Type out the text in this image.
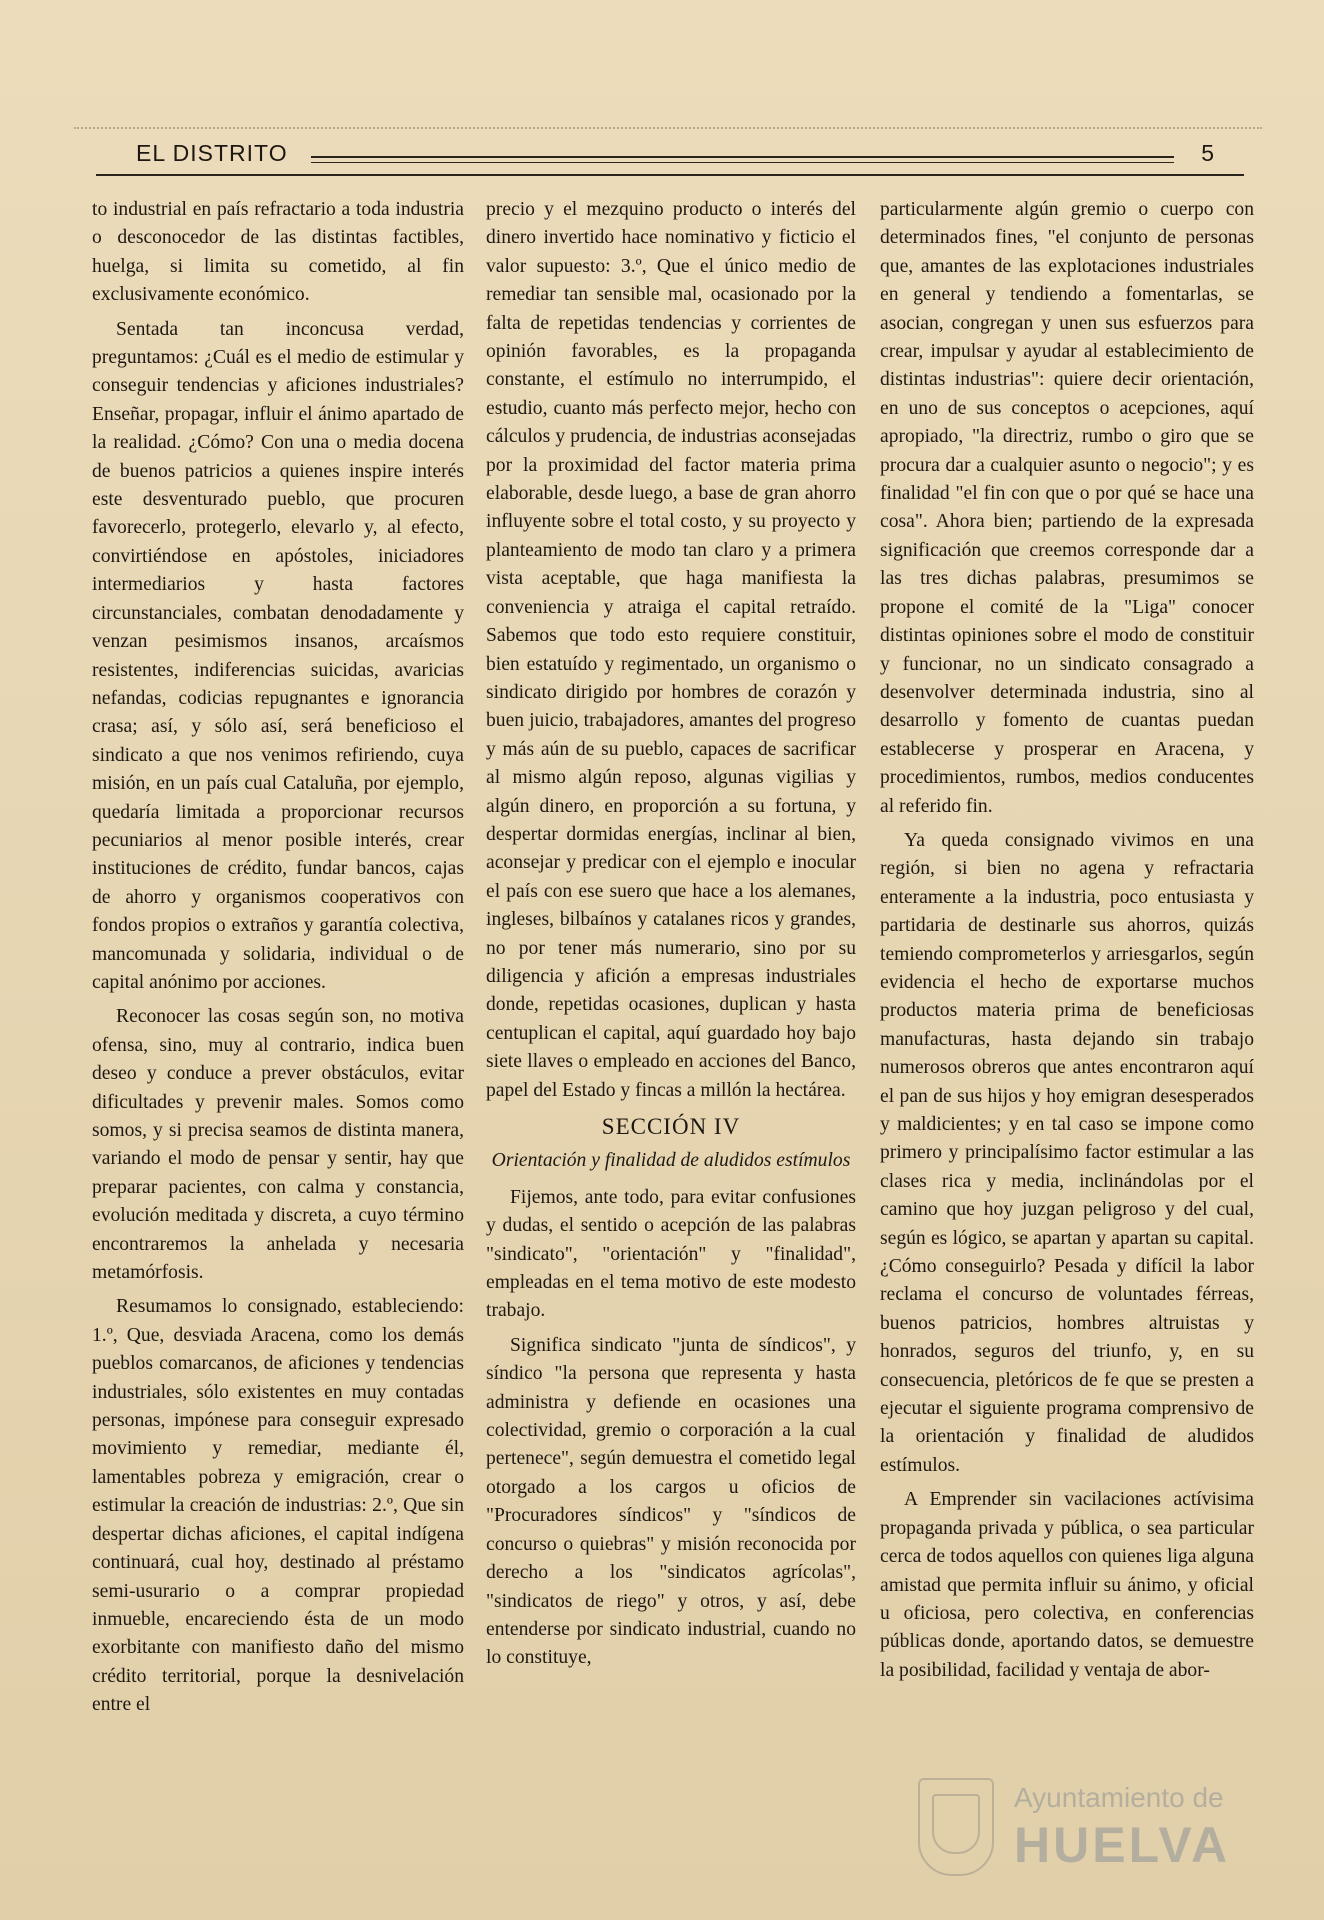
EL DISTRITO	5

to industrial en país refractario a toda industria o desconocedor de las distintas factibles, huelga, si limita su cometido, al fin exclusivamente económico.

Sentada tan inconcusa verdad, preguntamos: ¿Cuál es el medio de estimular y conseguir tendencias y aficiones industriales? Enseñar, propagar, influir el ánimo apartado de la realidad. ¿Cómo? Con una o media docena de buenos patricios a quienes inspire interés este desventurado pueblo, que procuren favorecerlo, protegerlo, elevarlo y, al efecto, convirtiéndose en apóstoles, iniciadores intermediarios y hasta factores circunstanciales, combatan denodadamente y venzan pesimismos insanos, arcaísmos resistentes, indiferencias suicidas, avaricias nefandas, codicias repugnantes e ignorancia crasa; así, y sólo así, será beneficioso el sindicato a que nos venimos refiriendo, cuya misión, en un país cual Cataluña, por ejemplo, quedaría limitada a proporcionar recursos pecuniarios al menor posible interés, crear instituciones de crédito, fundar bancos, cajas de ahorro y organismos cooperativos con fondos propios o extraños y garantía colectiva, mancomunada y solidaria, individual o de capital anónimo por acciones.

Reconocer las cosas según son, no motiva ofensa, sino, muy al contrario, indica buen deseo y conduce a prever obstáculos, evitar dificultades y prevenir males. Somos como somos, y si precisa seamos de distinta manera, variando el modo de pensar y sentir, hay que preparar pacientes, con calma y constancia, evolución meditada y discreta, a cuyo término encontraremos la anhelada y necesaria metamórfosis.

Resumamos lo consignado, estableciendo: 1.º, Que, desviada Aracena, como los demás pueblos comarcanos, de aficiones y tendencias industriales, sólo existentes en muy contadas personas, impónese para conseguir expresado movimiento y remediar, mediante él, lamentables pobreza y emigración, crear o estimular la creación de industrias: 2.º, Que sin despertar dichas aficiones, el capital indígena continuará, cual hoy, destinado al préstamo semi-usurario o a comprar propiedad inmueble, encareciendo ésta de un modo exorbitante con manifiesto daño del mismo crédito territorial, porque la desnivelación entre el

precio y el mezquino producto o interés del dinero invertido hace nominativo y ficticio el valor supuesto: 3.º, Que el único medio de remediar tan sensible mal, ocasionado por la falta de repetidas tendencias y corrientes de opinión favorables, es la propaganda constante, el estímulo no interrumpido, el estudio, cuanto más perfecto mejor, hecho con cálculos y prudencia, de industrias aconsejadas por la proximidad del factor materia prima elaborable, desde luego, a base de gran ahorro influyente sobre el total costo, y su proyecto y planteamiento de modo tan claro y a primera vista aceptable, que haga manifiesta la conveniencia y atraiga el capital retraído. Sabemos que todo esto requiere constituir, bien estatuído y regimentado, un organismo o sindicato dirigido por hombres de corazón y buen juicio, trabajadores, amantes del progreso y más aún de su pueblo, capaces de sacrificar al mismo algún reposo, algunas vigilias y algún dinero, en proporción a su fortuna, y despertar dormidas energías, inclinar al bien, aconsejar y predicar con el ejemplo e inocular el país con ese suero que hace a los alemanes, ingleses, bilbaínos y catalanes ricos y grandes, no por tener más numerario, sino por su diligencia y afición a empresas industriales donde, repetidas ocasiones, duplican y hasta centuplican el capital, aquí guardado hoy bajo siete llaves o empleado en acciones del Banco, papel del Estado y fincas a millón la hectárea.

SECCIÓN IV
Orientación y finalidad de aludidos estímulos

Fijemos, ante todo, para evitar confusiones y dudas, el sentido o acepción de las palabras "sindicato", "orientación" y "finalidad", empleadas en el tema motivo de este modesto trabajo.

Significa sindicato "junta de síndicos", y síndico "la persona que representa y hasta administra y defiende en ocasiones una colectividad, gremio o corporación a la cual pertenece", según demuestra el cometido legal otorgado a los cargos u oficios de "Procuradores síndicos" y "síndicos de concurso o quiebras" y misión reconocida por derecho a los "sindicatos agrícolas", "sindicatos de riego" y otros, y así, debe entenderse por sindicato industrial, cuando no lo constituye,

particularmente algún gremio o cuerpo con determinados fines, "el conjunto de personas que, amantes de las explotaciones industriales en general y tendiendo a fomentarlas, se asocian, congregan y unen sus esfuerzos para crear, impulsar y ayudar al establecimiento de distintas industrias": quiere decir orientación, en uno de sus conceptos o acepciones, aquí apropiado, "la directriz, rumbo o giro que se procura dar a cualquier asunto o negocio"; y es finalidad "el fin con que o por qué se hace una cosa". Ahora bien; partiendo de la expresada significación que creemos corresponde dar a las tres dichas palabras, presumimos se propone el comité de la "Liga" conocer distintas opiniones sobre el modo de constituir y funcionar, no un sindicato consagrado a desenvolver determinada industria, sino al desarrollo y fomento de cuantas puedan establecerse y prosperar en Aracena, y procedimientos, rumbos, medios conducentes al referido fin.

Ya queda consignado vivimos en una región, si bien no agena y refractaria enteramente a la industria, poco entusiasta y partidaria de destinarle sus ahorros, quizás temiendo comprometerlos y arriesgarlos, según evidencia el hecho de exportarse muchos productos materia prima de beneficiosas manufacturas, hasta dejando sin trabajo numerosos obreros que antes encontraron aquí el pan de sus hijos y hoy emigran desesperados y maldicientes; y en tal caso se impone como primero y principalísimo factor estimular a las clases rica y media, inclinándolas por el camino que hoy juzgan peligroso y del cual, según es lógico, se apartan y apartan su capital. ¿Cómo conseguirlo? Pesada y difícil la labor reclama el concurso de voluntades férreas, buenos patricios, hombres altruistas y honrados, seguros del triunfo, y, en su consecuencia, pletóricos de fe que se presten a ejecutar el siguiente programa comprensivo de la orientación y finalidad de aludidos estímulos.

A Emprender sin vacilaciones actívisima propaganda privada y pública, o sea particular cerca de todos aquellos con quienes liga alguna amistad que permita influir su ánimo, y oficial u oficiosa, pero colectiva, en conferencias públicas donde, aportando datos, se demuestre la posibilidad, facilidad y ventaja de abor-

Ayuntamiento de
HUELVA
